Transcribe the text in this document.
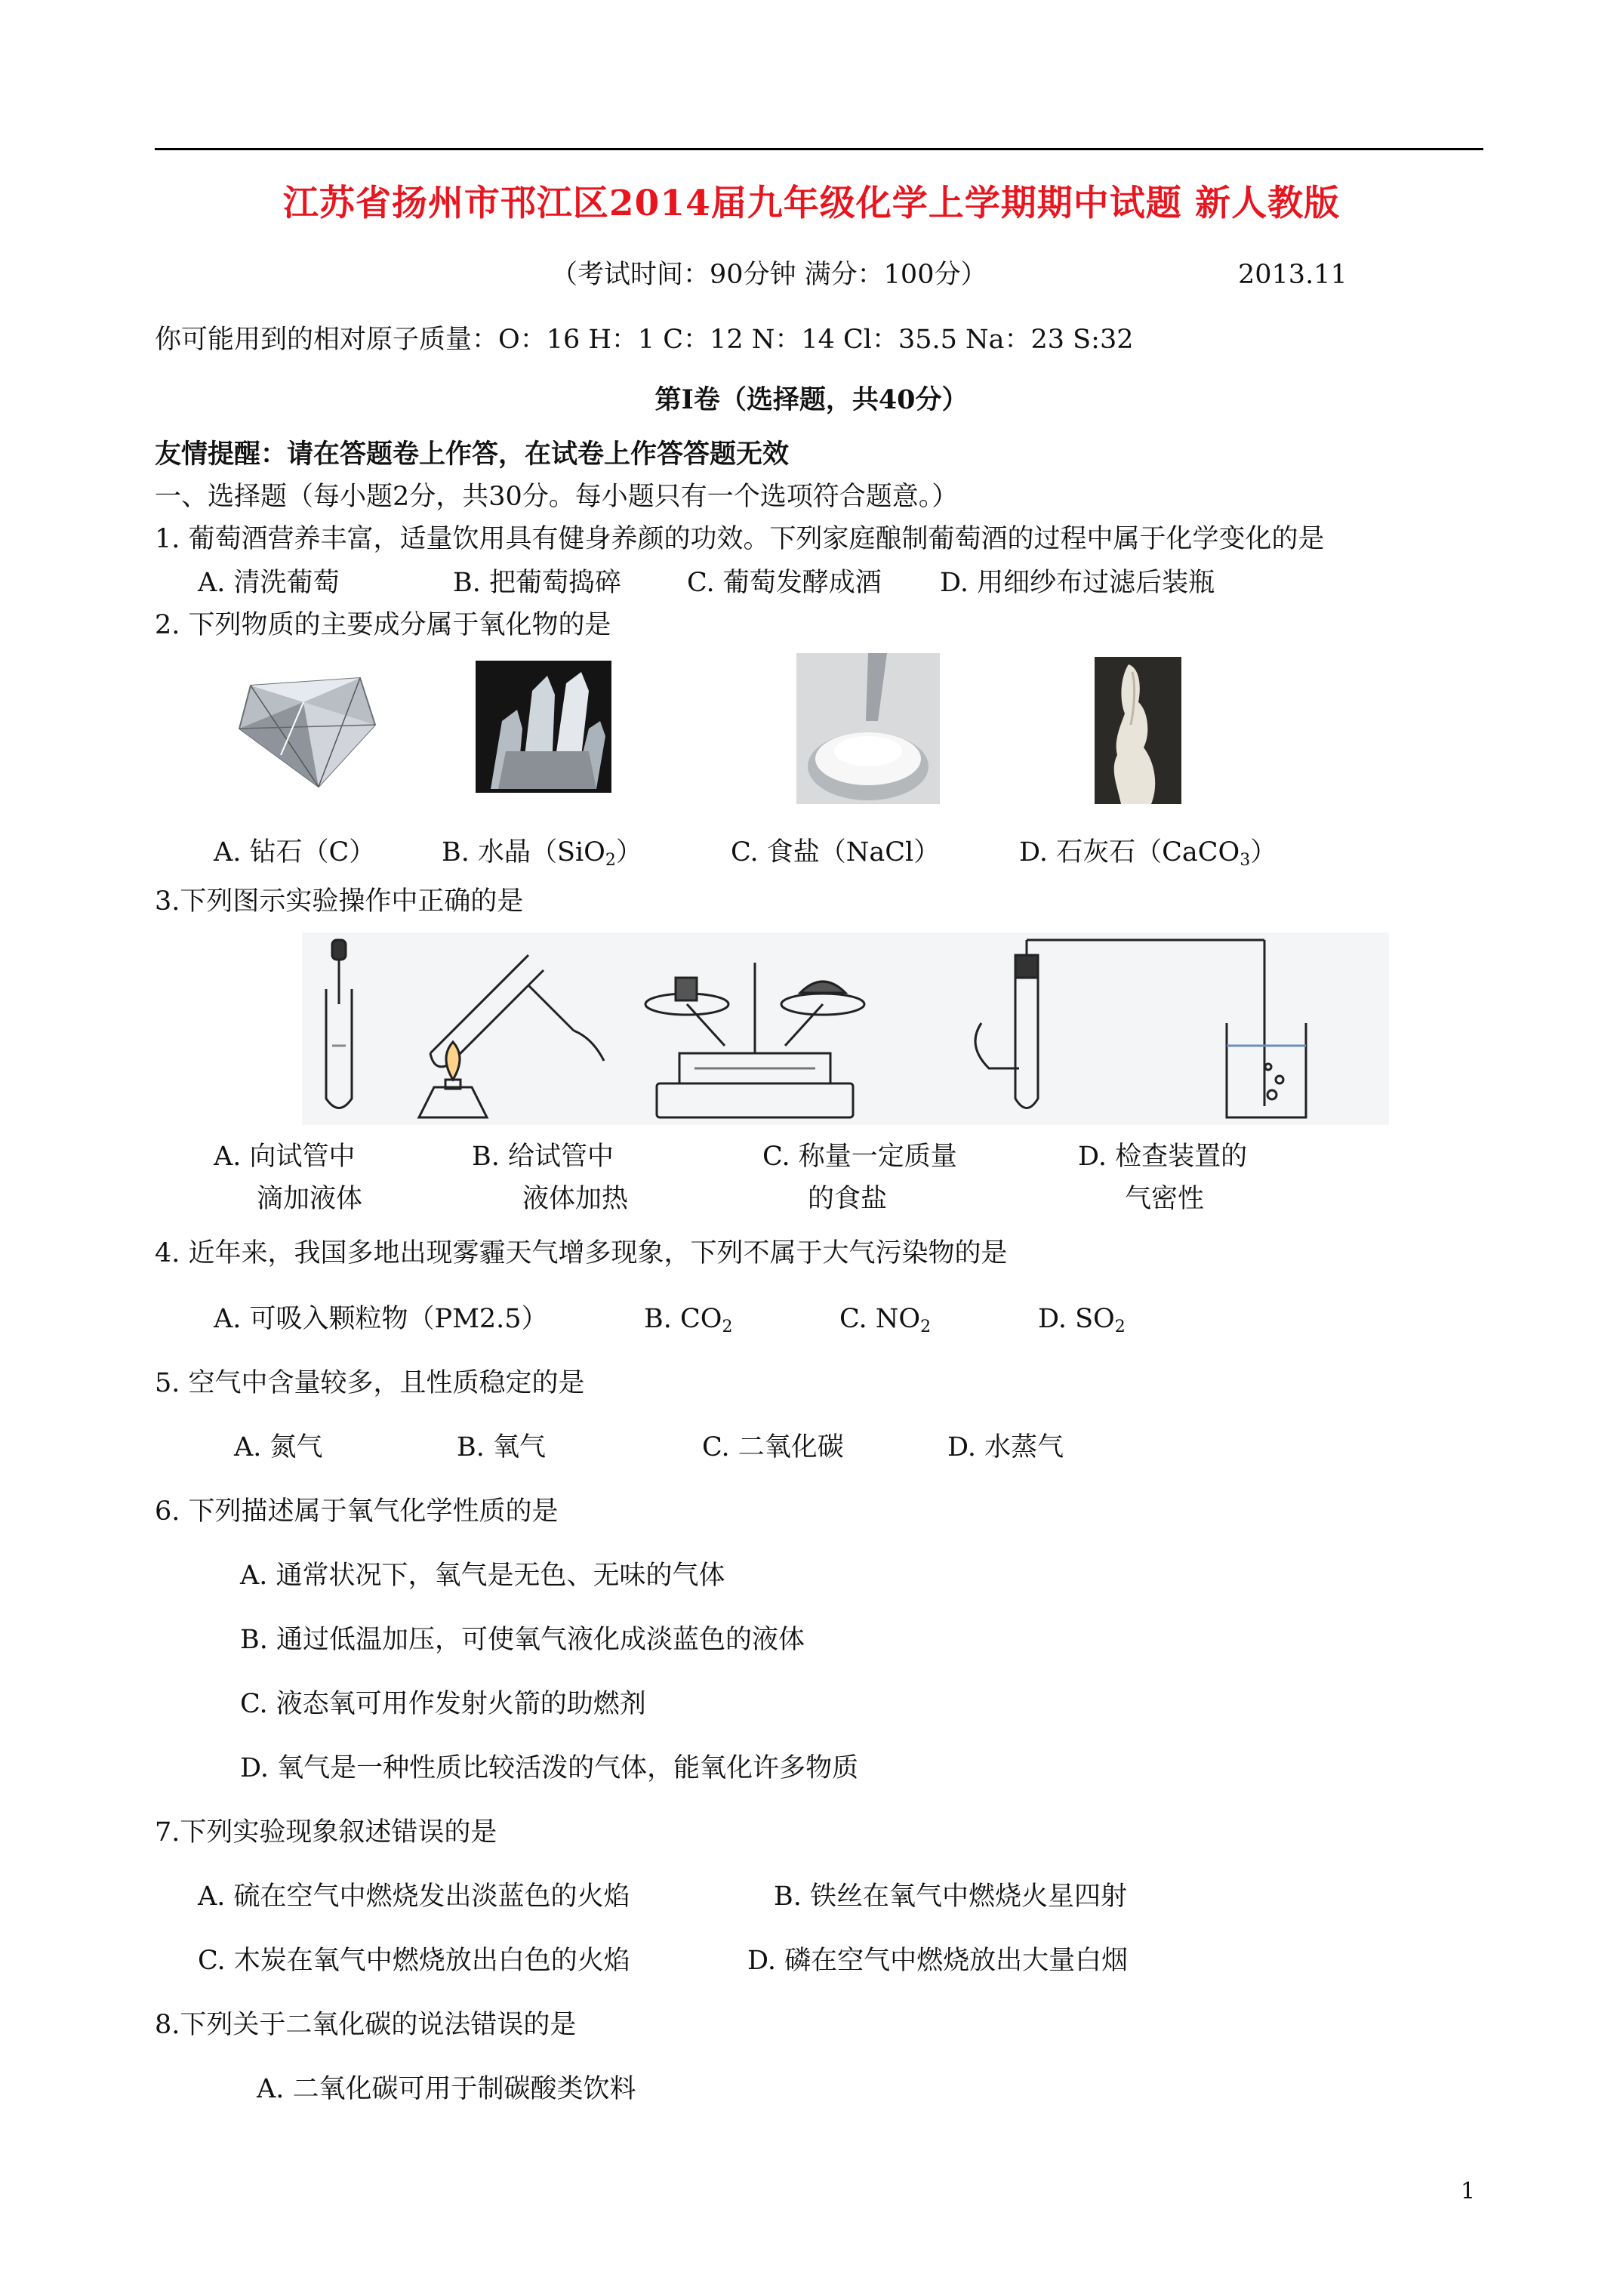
江苏省扬州市邗江区2014届九年级化学上学期期中试题 新人教版
（考试时间：90分钟 满分：100分）	2013.11
你可能用到的相对原子质量：O：16 H：1 C：12 N：14 Cl：35.5 Na：23 S:32
第I卷（选择题，共40分）
友情提醒：请在答题卷上作答，在试卷上作答答题无效
一、选择题（每小题2分，共30分。每小题只有一个选项符合题意。）
1. 葡萄酒营养丰富，适量饮用具有健身养颜的功效。下列家庭酿制葡萄酒的过程中属于化学变化的是
A. 清洗葡萄	B. 把葡萄捣碎 C. 葡萄发酵成酒 D. 用细纱布过滤后装瓶
2. 下列物质的主要成分属于氧化物的是
A. 钻石（C）	B. 水晶（SiO$_2$）	C. 食盐（NaCl）	D. 石灰石（CaCO$_3$）
3.下列图示实验操作中正确的是
A. 向试管中
滴加液体
B. 给试管中
液体加热
C. 称量一定质量
的食盐
D. 检查装置的
气密性
4. 近年来，我国多地出现雾霾天气增多现象，下列不属于大气污染物的是
A. 可吸入颗粒物（PM2.5）	B. $CO_2$	C. $NO_2$	D. $SO_2$
5. 空气中含量较多，且性质稳定的是
A. 氮气	B. 氧气	C. 二氧化碳	D. 水蒸气
6. 下列描述属于氧气化学性质的是
A. 通常状况下，氧气是无色、无味的气体
B. 通过低温加压，可使氧气液化成淡蓝色的液体
C. 液态氧可用作发射火箭的助燃剂
D. 氧气是一种性质比较活泼的气体，能氧化许多物质
7.下列实验现象叙述错误的是
A. 硫在空气中燃烧发出淡蓝色的火焰	B. 铁丝在氧气中燃烧火星四射
C. 木炭在氧气中燃烧放出白色的火焰	D. 磷在空气中燃烧放出大量白烟
8.下列关于二氧化碳的说法错误的是
A. 二氧化碳可用于制碳酸类饮料
1
